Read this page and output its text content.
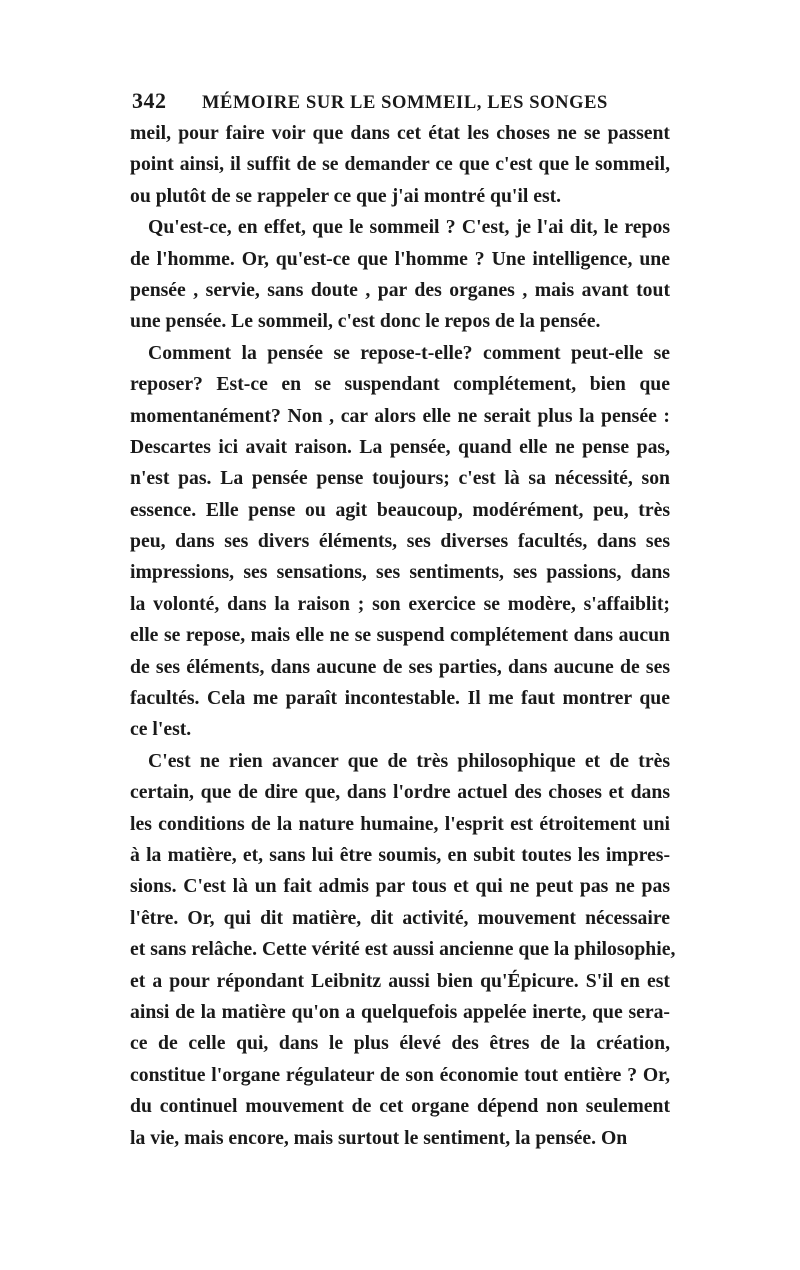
342	MÉMOIRE SUR LE SOMMEIL, LES SONGES
meil, pour faire voir que dans cet état les choses ne se passent
point ainsi, il suffit de se demander ce que c'est que le sommeil,
ou plutôt de se rappeler ce que j'ai montré qu'il est.
Qu'est-ce, en effet, que le sommeil ? C'est, je l'ai dit, le repos
de l'homme. Or, qu'est-ce que l'homme ? Une intelligence, une
pensée , servie, sans doute , par des organes , mais avant tout
une pensée. Le sommeil, c'est donc le repos de la pensée.
Comment la pensée se repose-t-elle? comment peut-elle se
reposer? Est-ce en se suspendant complétement, bien que
momentanément? Non , car alors elle ne serait plus la pensée :
Descartes ici avait raison. La pensée, quand elle ne pense pas,
n'est pas. La pensée pense toujours; c'est là sa nécessité, son
essence. Elle pense ou agit beaucoup, modérément, peu, très
peu, dans ses divers éléments, ses diverses facultés, dans ses
impressions, ses sensations, ses sentiments, ses passions, dans
la volonté, dans la raison ; son exercice se modère, s'affaiblit;
elle se repose, mais elle ne se suspend complétement dans aucun
de ses éléments, dans aucune de ses parties, dans aucune de ses
facultés. Cela me paraît incontestable. Il me faut montrer que
ce l'est.
C'est ne rien avancer que de très philosophique et de très
certain, que de dire que, dans l'ordre actuel des choses et dans
les conditions de la nature humaine, l'esprit est étroitement uni
à la matière, et, sans lui être soumis, en subit toutes les impres-
sions. C'est là un fait admis par tous et qui ne peut pas ne pas
l'être. Or, qui dit matière, dit activité, mouvement nécessaire
et sans relâche. Cette vérité est aussi ancienne que la philosophie,
et a pour répondant Leibnitz aussi bien qu'Épicure. S'il en est
ainsi de la matière qu'on a quelquefois appelée inerte, que sera-
ce de celle qui, dans le plus élevé des êtres de la création,
constitue l'organe régulateur de son économie tout entière ? Or,
du continuel mouvement de cet organe dépend non seulement
la vie, mais encore, mais surtout le sentiment, la pensée. On
